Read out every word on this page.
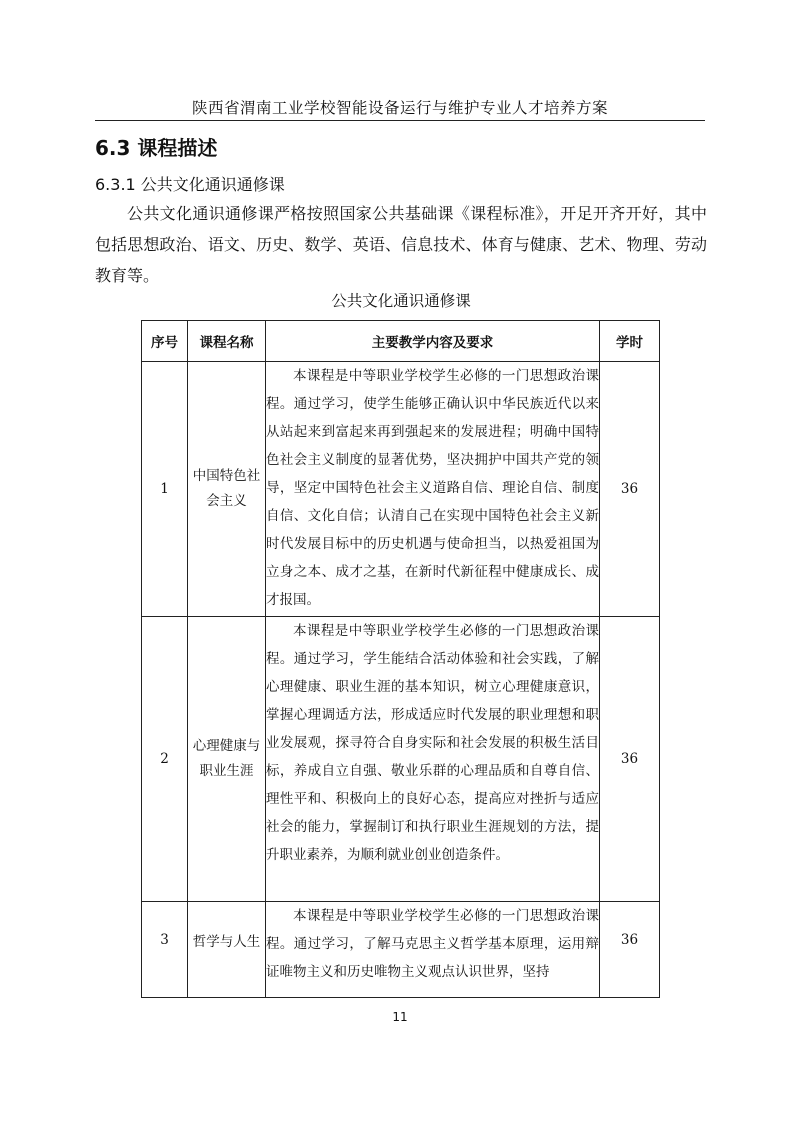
陕西省渭南工业学校智能设备运行与维护专业人才培养方案
6.3 课程描述
6.3.1 公共文化通识通修课
公共文化通识通修课严格按照国家公共基础课《课程标准》，开足开齐开好，其中包括思想政治、语文、历史、数学、英语、信息技术、体育与健康、艺术、物理、劳动教育等。
公共文化通识通修课
序号	课程名称	主要教学内容及要求	学时
1	中国特色社会主义	本课程是中等职业学校学生必修的一门思想政治课程。通过学习，使学生能够正确认识中华民族近代以来从站起来到富起来再到强起来的发展进程；明确中国特色社会主义制度的显著优势，坚决拥护中国共产党的领导，坚定中国特色社会主义道路自信、理论自信、制度自信、文化自信；认清自己在实现中国特色社会主义新时代发展目标中的历史机遇与使命担当，以热爱祖国为立身之本、成才之基，在新时代新征程中健康成长、成才报国。	36
2	心理健康与职业生涯	本课程是中等职业学校学生必修的一门思想政治课程。通过学习，学生能结合活动体验和社会实践，了解心理健康、职业生涯的基本知识，树立心理健康意识，掌握心理调适方法，形成适应时代发展的职业理想和职业发展观，探寻符合自身实际和社会发展的积极生活目标，养成自立自强、敬业乐群的心理品质和自尊自信、理性平和、积极向上的良好心态，提高应对挫折与适应社会的能力，掌握制订和执行职业生涯规划的方法，提升职业素养，为顺利就业创业创造条件。	36
3	哲学与人生	本课程是中等职业学校学生必修的一门思想政治课程。通过学习，了解马克思主义哲学基本原理，运用辩证唯物主义和历史唯物主义观点认识世界，坚持	36
11
